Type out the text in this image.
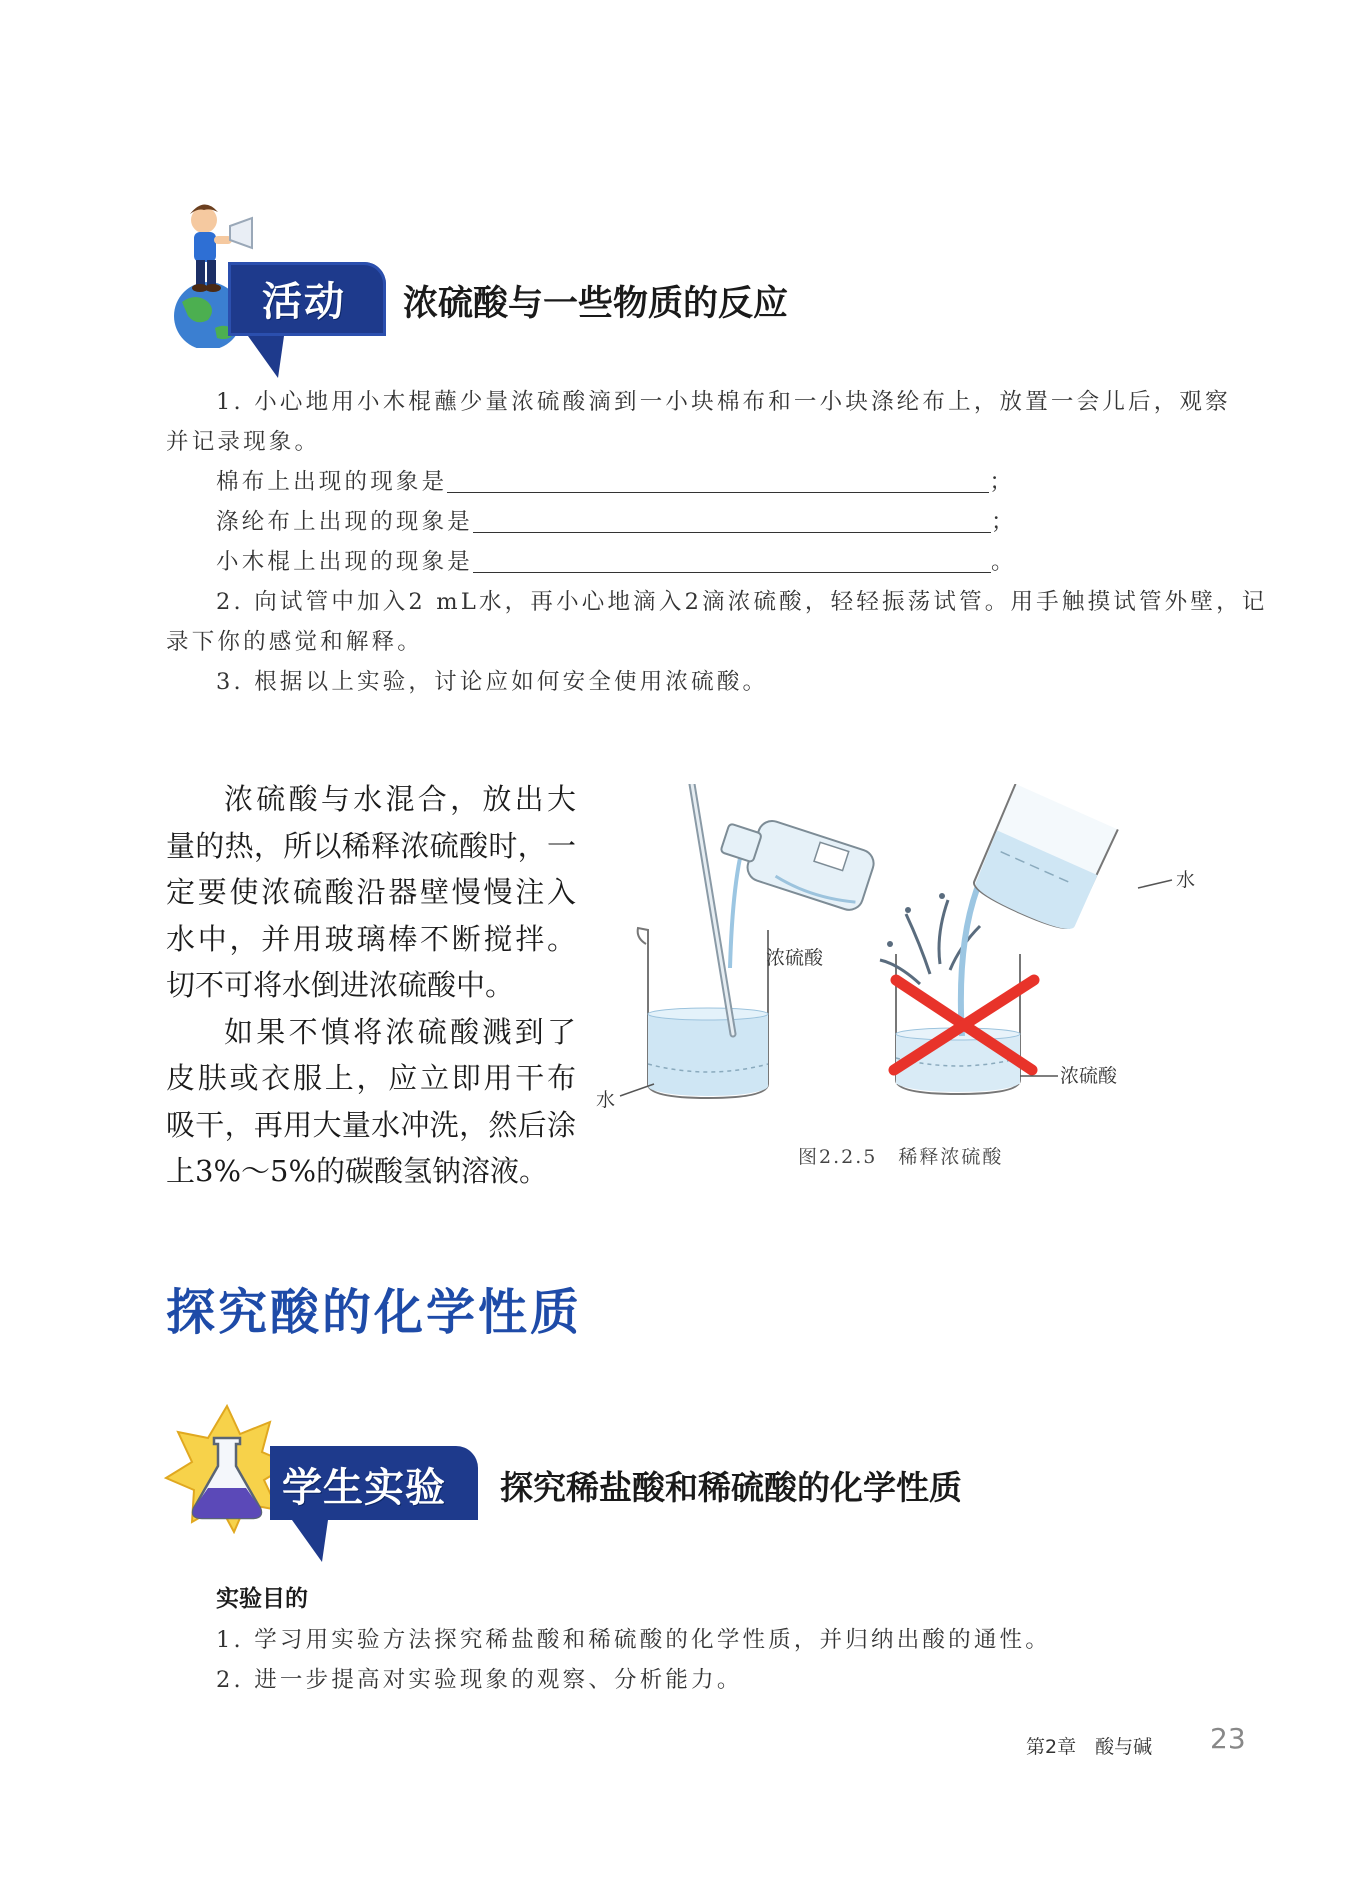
活动 浓硫酸与一些物质的反应
1. 小心地用小木棍蘸少量浓硫酸滴到一小块棉布和一小块涤纶布上，放置一会儿后，观察
并记录现象。
棉布上出现的现象是	；
涤纶布上出现的现象是	；
小木棍上出现的现象是	。
2. 向试管中加入2 mL水，再小心地滴入2滴浓硫酸，轻轻振荡试管。用手触摸试管外壁，记
录下你的感觉和解释。
3. 根据以上实验，讨论应如何安全使用浓硫酸。

浓硫酸与水混合，放出大

量的热，所以稀释浓硫酸时，一

定要使浓硫酸沿器壁慢慢注入

水中，并用玻璃棒不断搅拌。

切不可将水倒进浓硫酸中。

如果不慎将浓硫酸溅到了

皮肤或衣服上，应立即用干布

吸干，再用大量水冲洗，然后涂

上3%～5%的碳酸氢钠溶液。

浓硫酸
水
水
浓硫酸
图2.2.5　稀释浓硫酸
探究酸的化学性质
学生实验 探究稀盐酸和稀硫酸的化学性质
实验目的
1. 学习用实验方法探究稀盐酸和稀硫酸的化学性质，并归纳出酸的通性。
2. 进一步提高对实验现象的观察、分析能力。
第2章　酸与碱 23
